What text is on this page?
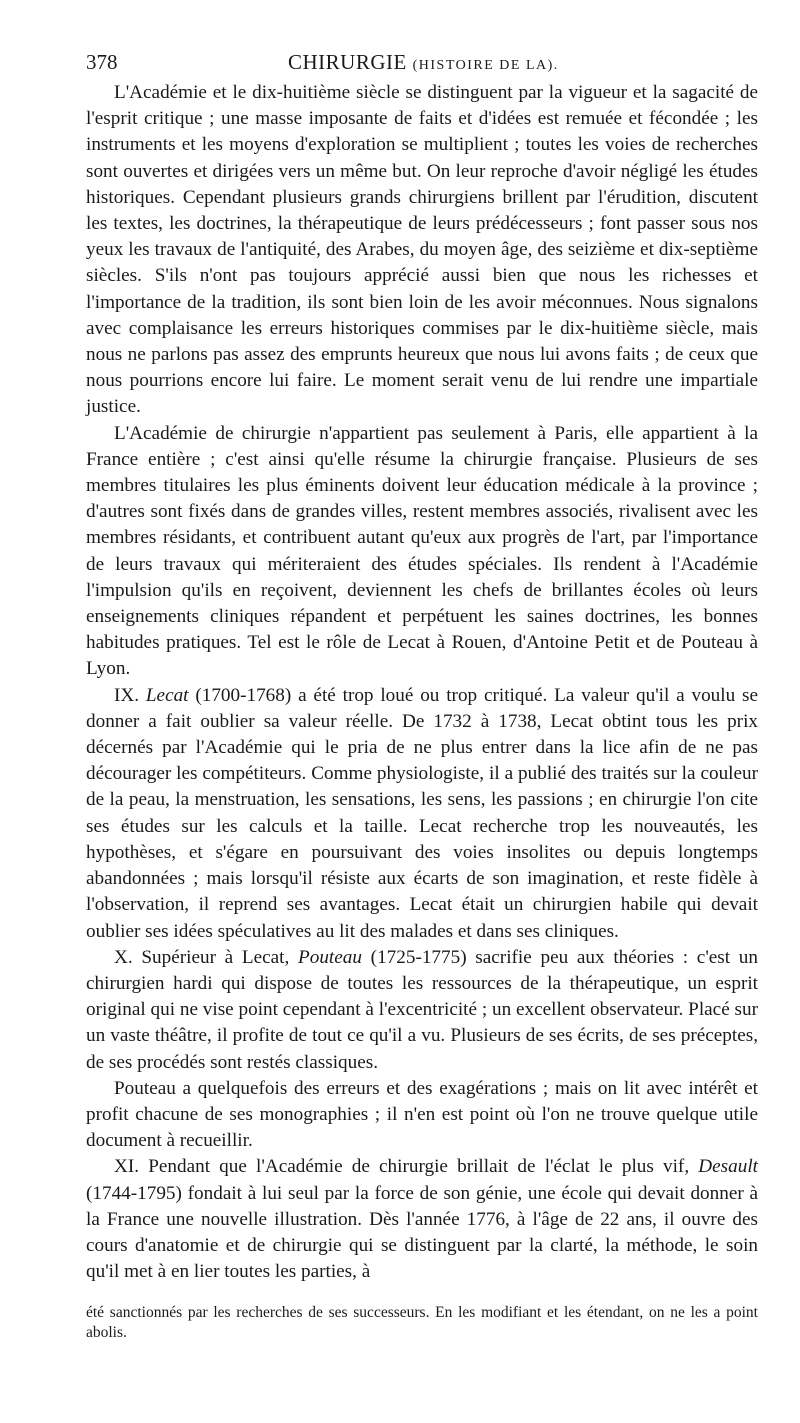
378	CHIRURGIE (HISTOIRE DE LA).

L'Académie et le dix-huitième siècle se distinguent par la vigueur et la sagacité de l'esprit critique ; une masse imposante de faits et d'idées est remuée et fécondée ; les instruments et les moyens d'exploration se multiplient ; toutes les voies de recherches sont ouvertes et dirigées vers un même but. On leur reproche d'avoir négligé les études historiques. Cependant plusieurs grands chirurgiens brillent par l'érudition, discutent les textes, les doctrines, la thérapeutique de leurs prédécesseurs ; font passer sous nos yeux les travaux de l'antiquité, des Arabes, du moyen âge, des seizième et dix-septième siècles. S'ils n'ont pas toujours apprécié aussi bien que nous les richesses et l'importance de la tradition, ils sont bien loin de les avoir méconnues. Nous signalons avec complaisance les erreurs historiques commises par le dix-huitième siècle, mais nous ne parlons pas assez des emprunts heureux que nous lui avons faits ; de ceux que nous pourrions encore lui faire. Le moment serait venu de lui rendre une impartiale justice.

L'Académie de chirurgie n'appartient pas seulement à Paris, elle appartient à la France entière ; c'est ainsi qu'elle résume la chirurgie française. Plusieurs de ses membres titulaires les plus éminents doivent leur éducation médicale à la province ; d'autres sont fixés dans de grandes villes, restent membres associés, rivalisent avec les membres résidants, et contribuent autant qu'eux aux progrès de l'art, par l'importance de leurs travaux qui mériteraient des études spéciales. Ils rendent à l'Académie l'impulsion qu'ils en reçoivent, deviennent les chefs de brillantes écoles où leurs enseignements cliniques répandent et perpétuent les saines doctrines, les bonnes habitudes pratiques. Tel est le rôle de Lecat à Rouen, d'Antoine Petit et de Pouteau à Lyon.

IX. Lecat (1700-1768) a été trop loué ou trop critiqué. La valeur qu'il a voulu se donner a fait oublier sa valeur réelle. De 1732 à 1738, Lecat obtint tous les prix décernés par l'Académie qui le pria de ne plus entrer dans la lice afin de ne pas décourager les compétiteurs. Comme physiologiste, il a publié des traités sur la couleur de la peau, la menstruation, les sensations, les sens, les passions ; en chirurgie l'on cite ses études sur les calculs et la taille. Lecat recherche trop les nouveautés, les hypothèses, et s'égare en poursuivant des voies insolites ou depuis longtemps abandonnées ; mais lorsqu'il résiste aux écarts de son imagination, et reste fidèle à l'observation, il reprend ses avantages. Lecat était un chirurgien habile qui devait oublier ses idées spéculatives au lit des malades et dans ses cliniques.

X. Supérieur à Lecat, Pouteau (1725-1775) sacrifie peu aux théories : c'est un chirurgien hardi qui dispose de toutes les ressources de la thérapeutique, un esprit original qui ne vise point cependant à l'excentricité ; un excellent observateur. Placé sur un vaste théâtre, il profite de tout ce qu'il a vu. Plusieurs de ses écrits, de ses préceptes, de ses procédés sont restés classiques.

Pouteau a quelquefois des erreurs et des exagérations ; mais on lit avec intérêt et profit chacune de ses monographies ; il n'en est point où l'on ne trouve quelque utile document à recueillir.

XI. Pendant que l'Académie de chirurgie brillait de l'éclat le plus vif, Desault (1744-1795) fondait à lui seul par la force de son génie, une école qui devait donner à la France une nouvelle illustration. Dès l'année 1776, à l'âge de 22 ans, il ouvre des cours d'anatomie et de chirurgie qui se distinguent par la clarté, la méthode, le soin qu'il met à en lier toutes les parties, à

été sanctionnés par les recherches de ses successeurs. En les modifiant et les étendant, on ne les a point abolis.
